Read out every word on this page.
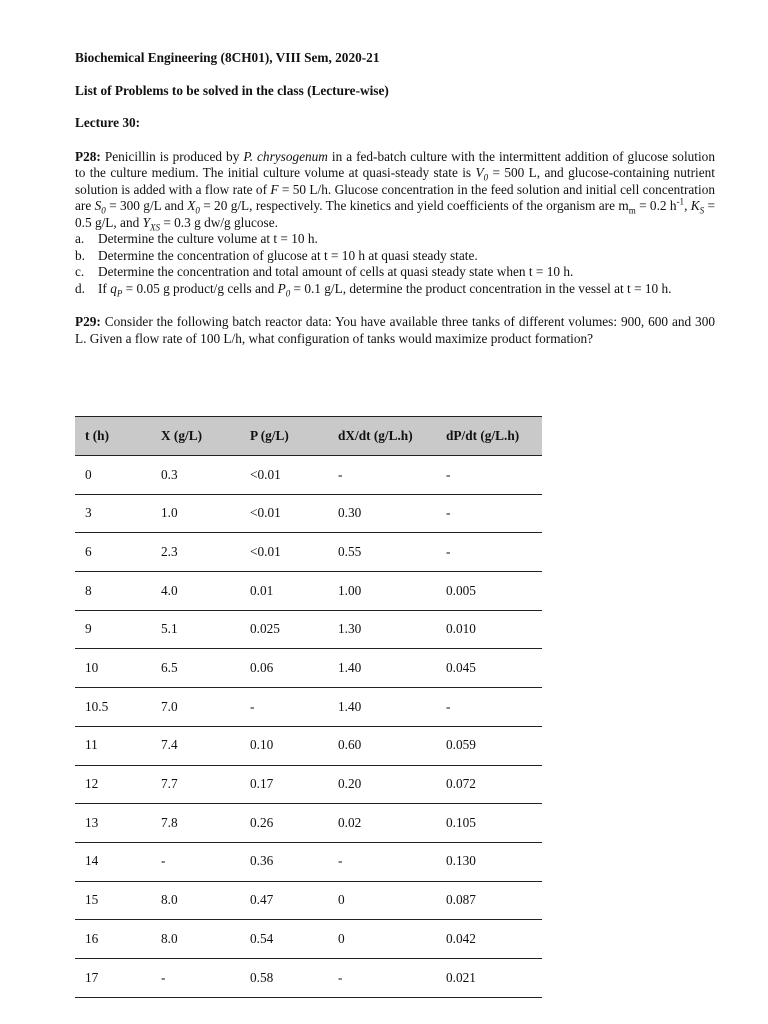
Biochemical Engineering (8CH01), VIII Sem, 2020-21

List of Problems to be solved in the class (Lecture-wise)

Lecture 30:

P28: Penicillin is produced by P. chrysogenum in a fed-batch culture with the intermittent addition of glucose solution to the culture medium. The initial culture volume at quasi-steady state is $V_0 = 500$ L, and glucose-containing nutrient solution is added with a flow rate of F = 50 L/h. Glucose concentration in the feed solution and initial cell concentration are $S_0 = 300$ g/L and $X_0 = 20$ g/L, respectively. The kinetics and yield coefficients of the organism are $m_m = 0.2$ $h^{-1}$, $K_S = 0.5$ g/L, and $Y_{XS} = 0.3$ g dw/g glucose.

a. Determine the culture volume at t = 10 h.
b. Determine the concentration of glucose at t = 10 h at quasi steady state.
c. Determine the concentration and total amount of cells at quasi steady state when t = 10 h.
d. If $q_P = 0.05$ g product/g cells and $P_0 = 0.1$ g/L, determine the product concentration in the vessel at t = 10 h.

P29: Consider the following batch reactor data: You have available three tanks of different volumes: 900, 600 and 300 L. Given a flow rate of 100 L/h, what configuration of tanks would maximize product formation?

t (h)	X (g/L)	P (g/L)	dX/dt (g/L.h)	dP/dt (g/L.h)
0	0.3	<0.01	-	-
3	1.0	<0.01	0.30	-
6	2.3	<0.01	0.55	-
8	4.0	0.01	1.00	0.005
9	5.1	0.025	1.30	0.010
10	6.5	0.06	1.40	0.045
10.5	7.0	-	1.40	-
11	7.4	0.10	0.60	0.059
12	7.7	0.17	0.20	0.072
13	7.8	0.26	0.02	0.105
14	-	0.36	-	0.130
15	8.0	0.47	0	0.087
16	8.0	0.54	0	0.042
17	-	0.58	-	0.021
